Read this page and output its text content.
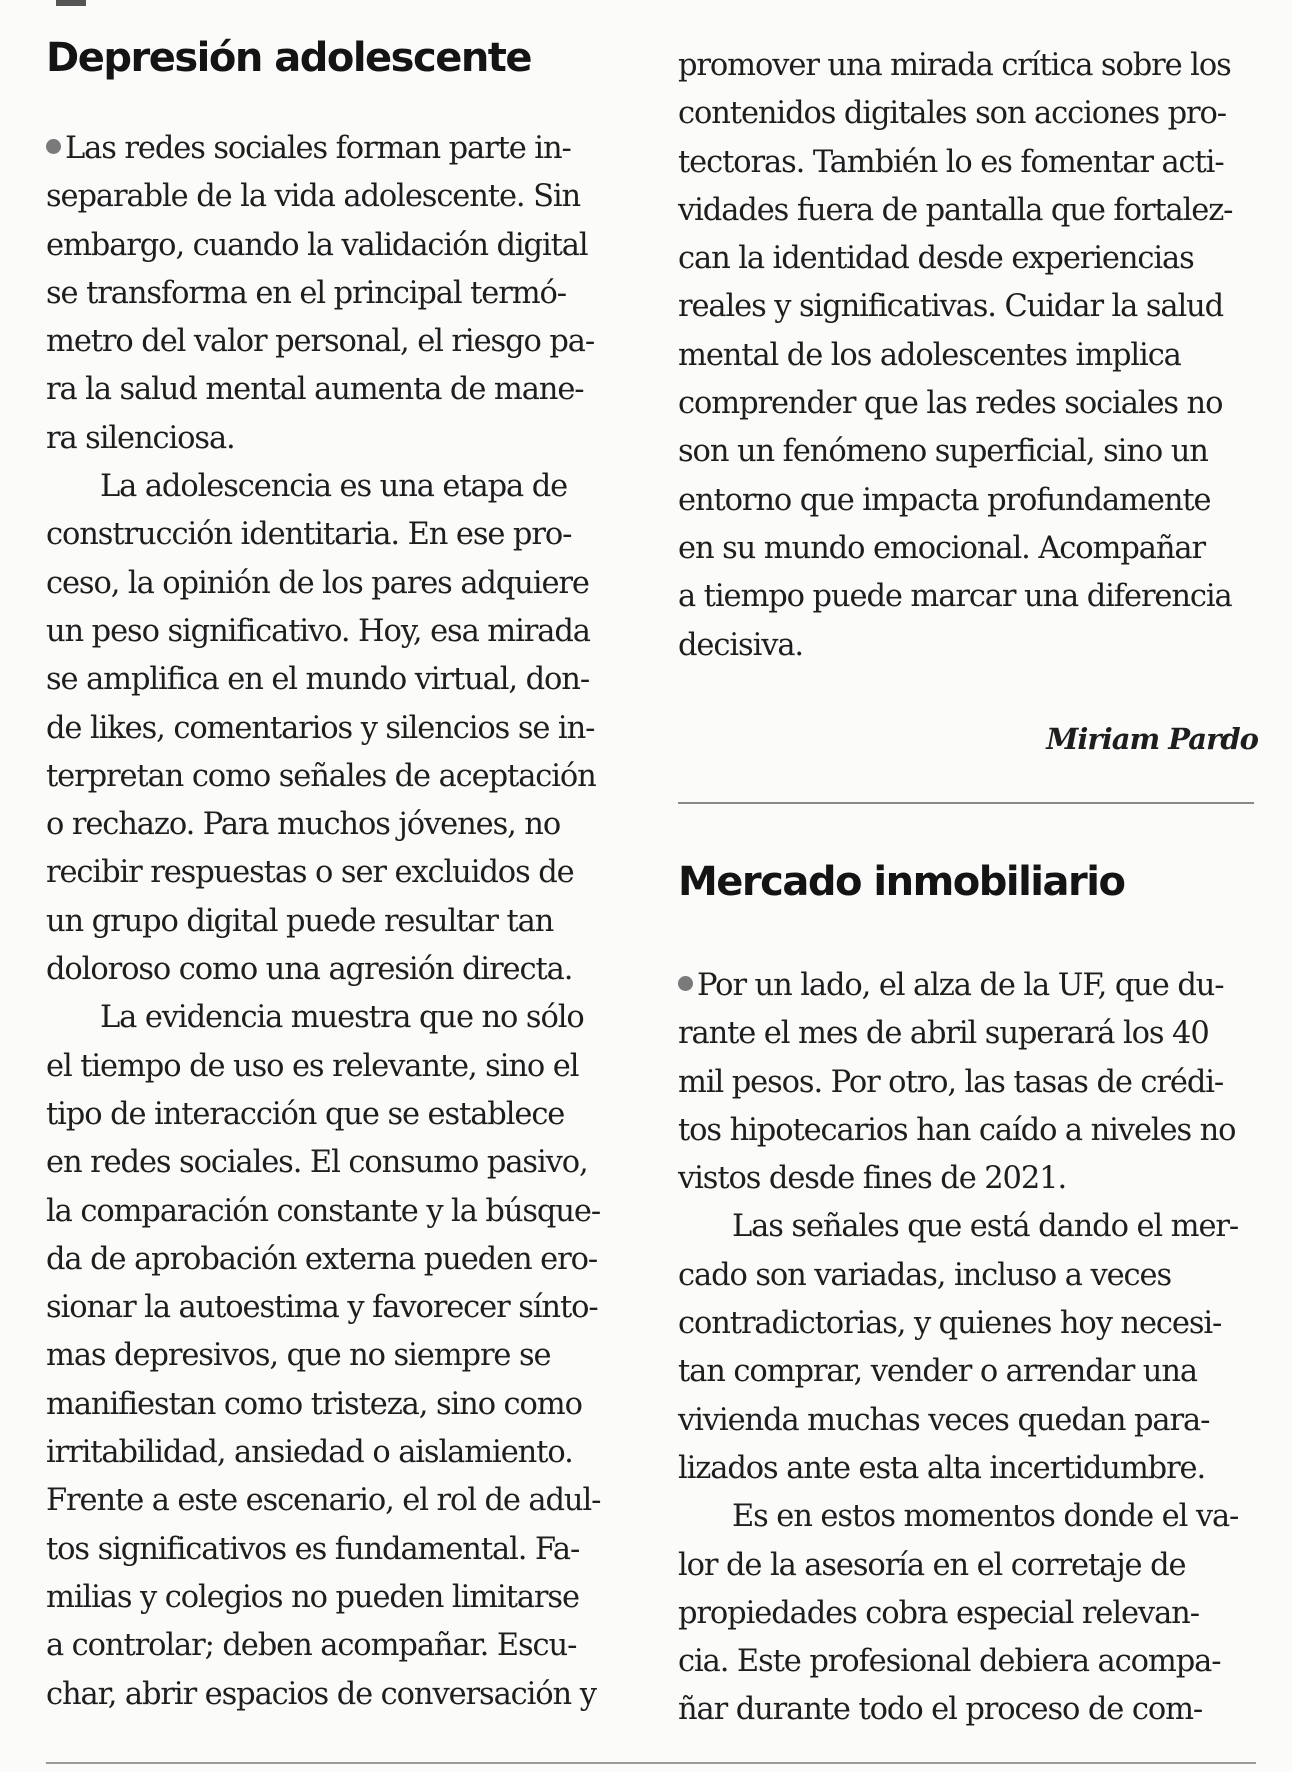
Depresión adolescente
Las redes sociales forman parte in-
separable de la vida adolescente. Sin
embargo, cuando la validación digital
se transforma en el principal termó-
metro del valor personal, el riesgo pa-
ra la salud mental aumenta de mane-
ra silenciosa.
La adolescencia es una etapa de
construcción identitaria. En ese pro-
ceso, la opinión de los pares adquiere
un peso significativo. Hoy, esa mirada
se amplifica en el mundo virtual, don-
de likes, comentarios y silencios se in-
terpretan como señales de aceptación
o rechazo. Para muchos jóvenes, no
recibir respuestas o ser excluidos de
un grupo digital puede resultar tan
doloroso como una agresión directa.
La evidencia muestra que no sólo
el tiempo de uso es relevante, sino el
tipo de interacción que se establece
en redes sociales. El consumo pasivo,
la comparación constante y la búsque-
da de aprobación externa pueden ero-
sionar la autoestima y favorecer sínto-
mas depresivos, que no siempre se
manifiestan como tristeza, sino como
irritabilidad, ansiedad o aislamiento.
Frente a este escenario, el rol de adul-
tos significativos es fundamental. Fa-
milias y colegios no pueden limitarse
a controlar; deben acompañar. Escu-
char, abrir espacios de conversación y
promover una mirada crítica sobre los
contenidos digitales son acciones pro-
tectoras. También lo es fomentar acti-
vidades fuera de pantalla que fortalez-
can la identidad desde experiencias
reales y significativas. Cuidar la salud
mental de los adolescentes implica
comprender que las redes sociales no
son un fenómeno superficial, sino un
entorno que impacta profundamente
en su mundo emocional. Acompañar
a tiempo puede marcar una diferencia
decisiva.
Miriam Pardo
Mercado inmobiliario
Por un lado, el alza de la UF, que du-
rante el mes de abril superará los 40
mil pesos. Por otro, las tasas de crédi-
tos hipotecarios han caído a niveles no
vistos desde fines de 2021.
Las señales que está dando el mer-
cado son variadas, incluso a veces
contradictorias, y quienes hoy necesi-
tan comprar, vender o arrendar una
vivienda muchas veces quedan para-
lizados ante esta alta incertidumbre.
Es en estos momentos donde el va-
lor de la asesoría en el corretaje de
propiedades cobra especial relevan-
cia. Este profesional debiera acompa-
ñar durante todo el proceso de com-
